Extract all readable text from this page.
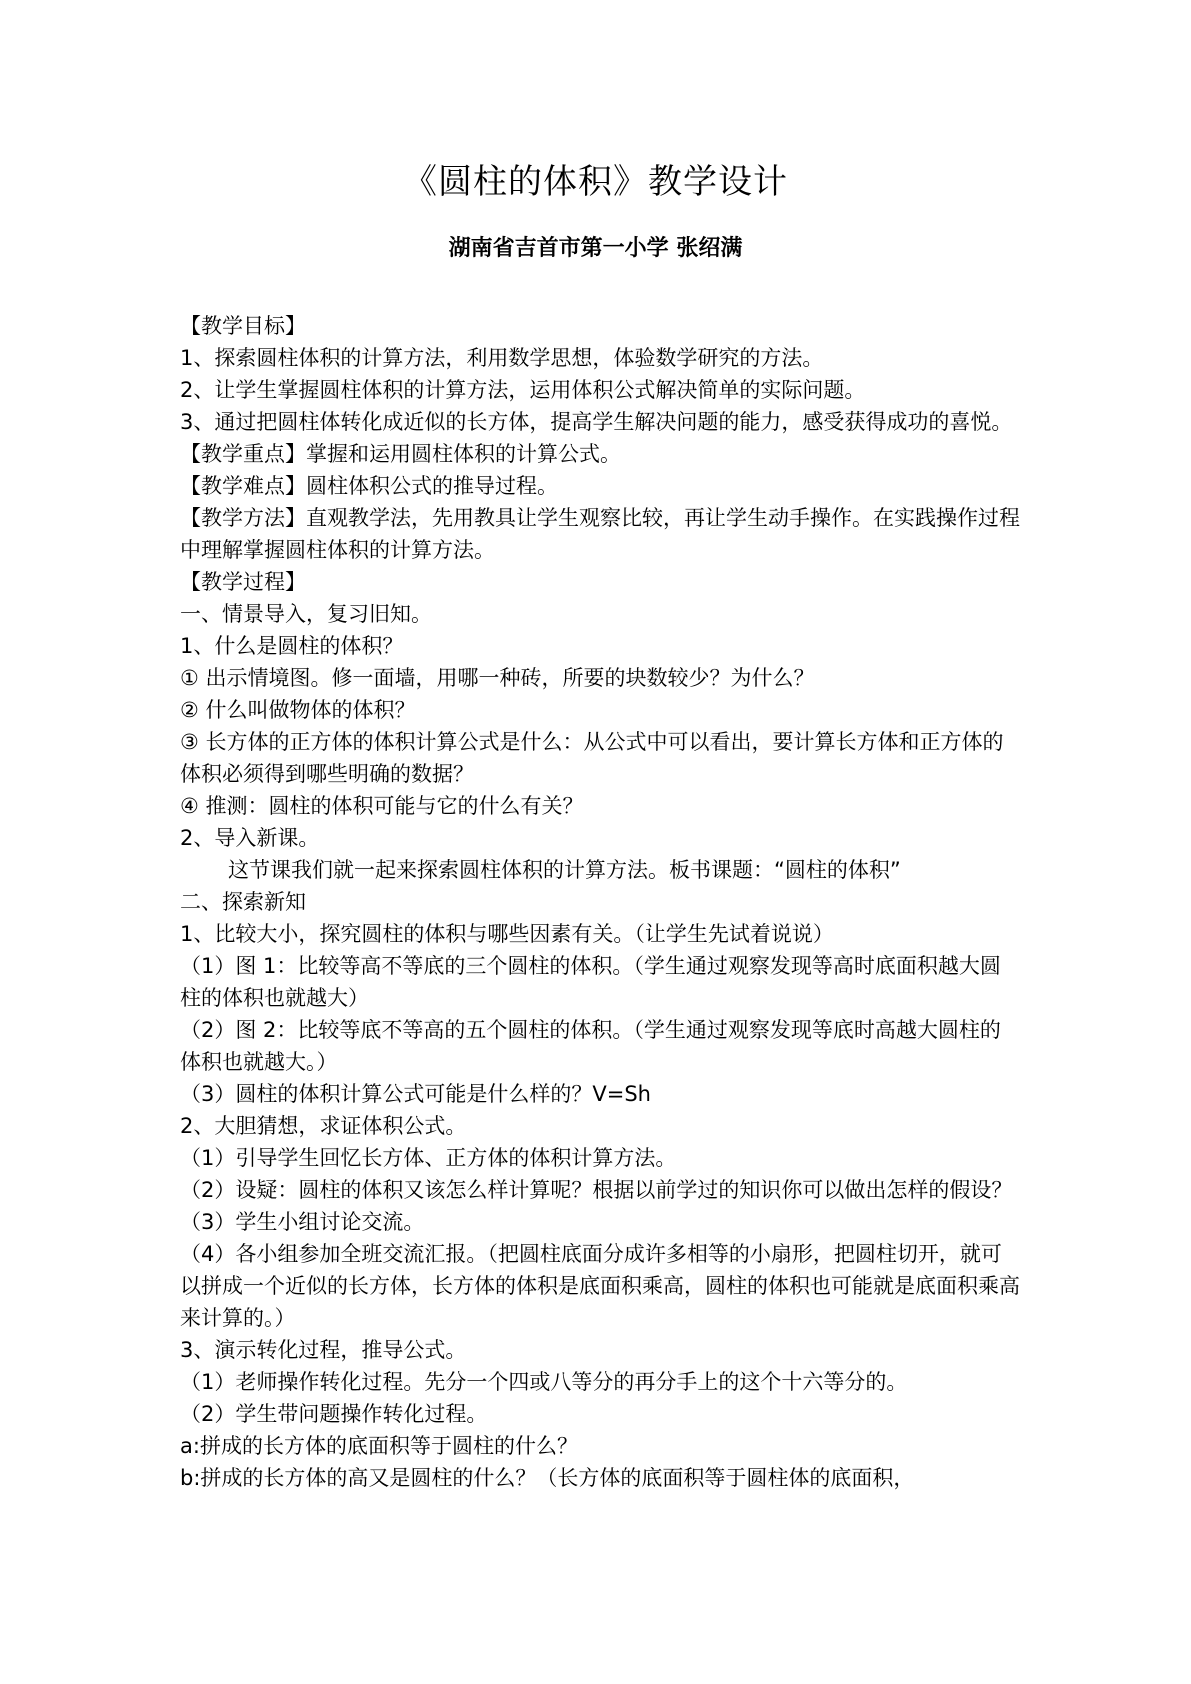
《圆柱的体积》教学设计
湖南省吉首市第一小学 张绍满

【教学目标】

1、探索圆柱体积的计算方法，利用数学思想，体验数学研究的方法。

2、让学生掌握圆柱体积的计算方法，运用体积公式解决简单的实际问题。

3、通过把圆柱体转化成近似的长方体，提高学生解决问题的能力，感受获得成功的喜悦。

【教学重点】掌握和运用圆柱体积的计算公式。

【教学难点】圆柱体积公式的推导过程。

【教学方法】直观教学法，先用教具让学生观察比较，再让学生动手操作。在实践操作过程中理解掌握圆柱体积的计算方法。

【教学过程】

一、情景导入，复习旧知。

1、什么是圆柱的体积？

① 出示情境图。修一面墙，用哪一种砖，所要的块数较少？为什么？

② 什么叫做物体的体积？

③ 长方体的正方体的体积计算公式是什么：从公式中可以看出，要计算长方体和正方体的体积必须得到哪些明确的数据？

④ 推测：圆柱的体积可能与它的什么有关？

2、导入新课。

这节课我们就一起来探索圆柱体积的计算方法。板书课题：“圆柱的体积”

二、探索新知

1、比较大小，探究圆柱的体积与哪些因素有关。（让学生先试着说说）

（1）图 1：比较等高不等底的三个圆柱的体积。（学生通过观察发现等高时底面积越大圆柱的体积也就越大）

（2）图 2：比较等底不等高的五个圆柱的体积。（学生通过观察发现等底时高越大圆柱的体积也就越大。）

（3）圆柱的体积计算公式可能是什么样的？V=Sh

2、大胆猜想，求证体积公式。

（1）引导学生回忆长方体、正方体的体积计算方法。

（2）设疑：圆柱的体积又该怎么样计算呢？根据以前学过的知识你可以做出怎样的假设？

（3）学生小组讨论交流。

（4）各小组参加全班交流汇报。（把圆柱底面分成许多相等的小扇形，把圆柱切开，就可以拼成一个近似的长方体，长方体的体积是底面积乘高，圆柱的体积也可能就是底面积乘高来计算的。）

3、演示转化过程，推导公式。

（1）老师操作转化过程。先分一个四或八等分的再分手上的这个十六等分的。

（2）学生带问题操作转化过程。

a:拼成的长方体的底面积等于圆柱的什么？

b:拼成的长方体的高又是圆柱的什么？（长方体的底面积等于圆柱体的底面积，
